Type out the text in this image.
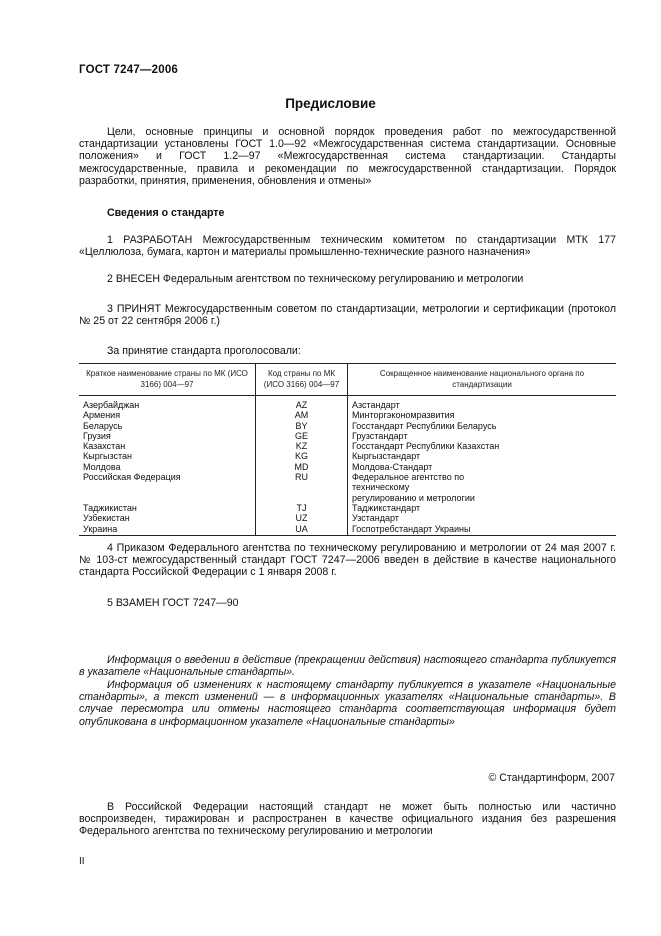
ГОСТ 7247—2006
Предисловие

Цели, основные принципы и основной порядок проведения работ по межгосударственной стандартизации установлены ГОСТ 1.0—92 «Межгосударственная система стандартизации. Основные положения» и ГОСТ 1.2—97 «Межгосударственная система стандартизации. Стандарты межгосударственные, правила и рекомендации по межгосударственной стандартизации. Порядок разработки, принятия, применения, обновления и отмены»

Сведения о стандарте

1 РАЗРАБОТАН Межгосударственным техническим комитетом по стандартизации МТК 177 «Целлюлоза, бумага, картон и материалы промышленно-технические разного назначения»

2 ВНЕСЕН Федеральным агентством по техническому регулированию и метрологии

3 ПРИНЯТ Межгосударственным советом по стандартизации, метрологии и сертификации (протокол № 25 от 22 сентября 2006 г.)

За принятие стандарта проголосовали:
Краткое наименование страны по МК (ИСО 3166) 004—97	Код страны по МК (ИСО 3166) 004—97	Сокращенное наименование национального органа по стандартизации
Азербайджан	AZ	Азстандарт
Армения	AM	Минторгэкономразвития
Беларусь	BY	Госстандарт Республики Беларусь
Грузия	GE	Грузстандарт
Казахстан	KZ	Госстандарт Республики Казахстан
Кыргызстан	KG	Кыргызстандарт
Молдова	MD	Молдова-Стандарт
Российская Федерация	RU	Федеральное агентство по техническому регулированию и метрологии
Таджикистан	TJ	Таджикстандарт
Узбекистан	UZ	Узстандарт
Украина	UA	Госпотребстандарт Украины

4 Приказом Федерального агентства по техническому регулированию и метрологии от 24 мая 2007 г. № 103-ст межгосударственный стандарт ГОСТ 7247—2006 введен в действие в качестве национального стандарта Российской Федерации с 1 января 2008 г.

5 ВЗАМЕН ГОСТ 7247—90

Информация о введении в действие (прекращении действия) настоящего стандарта публикуется в указателе «Национальные стандарты».

Информация об изменениях к настоящему стандарту публикуется в указателе «Национальные стандарты», а текст изменений — в информационных указателях «Национальные стандарты». В случае пересмотра или отмены настоящего стандарта соответствующая информация будет опубликована в информационном указателе «Национальные стандарты»

© Стандартинформ, 2007

В Российской Федерации настоящий стандарт не может быть полностью или частично воспроизведен, тиражирован и распространен в качестве официального издания без разрешения Федерального агентства по техническому регулированию и метрологии

II
